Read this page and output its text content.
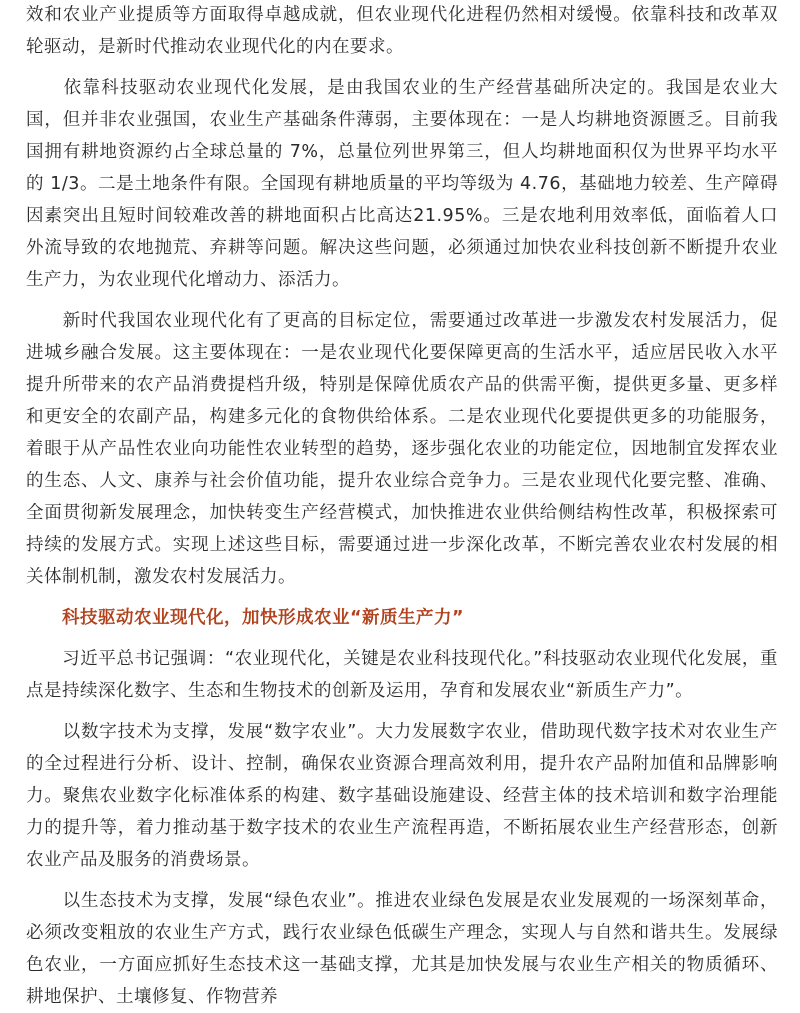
效和农业产业提质等方面取得卓越成就，但农业现代化进程仍然相对缓慢。依靠科技和改革双轮驱动，是新时代推动农业现代化的内在要求。

　　依靠科技驱动农业现代化发展，是由我国农业的生产经营基础所决定的。我国是农业大国，但并非农业强国，农业生产基础条件薄弱，主要体现在：一是人均耕地资源匮乏。目前我国拥有耕地资源约占全球总量的 7%，总量位列世界第三，但人均耕地面积仅为世界平均水平的 1/3。二是土地条件有限。全国现有耕地质量的平均等级为 4.76，基础地力较差、生产障碍因素突出且短时间较难改善的耕地面积占比高达21.95%。三是农地利用效率低，面临着人口外流导致的农地抛荒、弃耕等问题。解决这些问题，必须通过加快农业科技创新不断提升农业生产力，为农业现代化增动力、添活力。

　　新时代我国农业现代化有了更高的目标定位，需要通过改革进一步激发农村发展活力，促进城乡融合发展。这主要体现在：一是农业现代化要保障更高的生活水平，适应居民收入水平提升所带来的农产品消费提档升级，特别是保障优质农产品的供需平衡，提供更多量、更多样和更安全的农副产品，构建多元化的食物供给体系。二是农业现代化要提供更多的功能服务，着眼于从产品性农业向功能性农业转型的趋势，逐步强化农业的功能定位，因地制宜发挥农业的生态、人文、康养与社会价值功能，提升农业综合竞争力。三是农业现代化要完整、准确、全面贯彻新发展理念，加快转变生产经营模式，加快推进农业供给侧结构性改革，积极探索可持续的发展方式。实现上述这些目标，需要通过进一步深化改革，不断完善农业农村发展的相关体制机制，激发农村发展活力。

　　科技驱动农业现代化，加快形成农业“新质生产力”

　　习近平总书记强调：“农业现代化，关键是农业科技现代化。”科技驱动农业现代化发展，重点是持续深化数字、生态和生物技术的创新及运用，孕育和发展农业“新质生产力”。

　　以数字技术为支撑，发展“数字农业”。大力发展数字农业，借助现代数字技术对农业生产的全过程进行分析、设计、控制，确保农业资源合理高效利用，提升农产品附加值和品牌影响力。聚焦农业数字化标准体系的构建、数字基础设施建设、经营主体的技术培训和数字治理能力的提升等，着力推动基于数字技术的农业生产流程再造，不断拓展农业生产经营形态，创新农业产品及服务的消费场景。

　　以生态技术为支撑，发展“绿色农业”。推进农业绿色发展是农业发展观的一场深刻革命，必须改变粗放的农业生产方式，践行农业绿色低碳生产理念，实现人与自然和谐共生。发展绿色农业，一方面应抓好生态技术这一基础支撑，尤其是加快发展与农业生产相关的物质循环、耕地保护、土壤修复、作物营养
